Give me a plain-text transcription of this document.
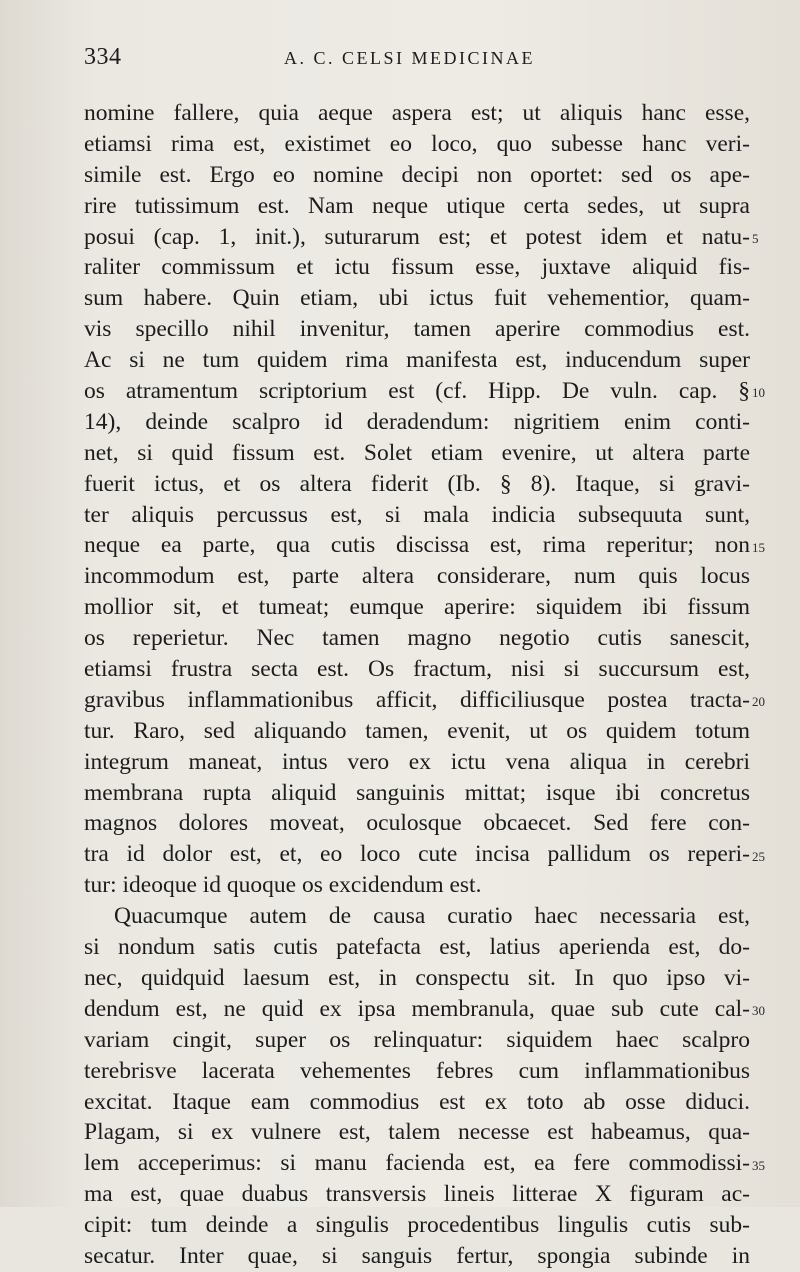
334	A. C. CELSI MEDICINAE
nomine fallere, quia aeque aspera est; ut aliquis hanc esse,
etiamsi rima est, existimet eo loco, quo subesse hanc veri-
simile est. Ergo eo nomine decipi non oportet: sed os ape-
rire tutissimum est. Nam neque utique certa sedes, ut supra
posui (cap. 1, init.), suturarum est; et potest idem et natu-
raliter commissum et ictu fissum esse, juxtave aliquid fis-
sum habere. Quin etiam, ubi ictus fuit vehementior, quam-
vis specillo nihil invenitur, tamen aperire commodius est.
Ac si ne tum quidem rima manifesta est, inducendum super
os atramentum scriptorium est (cf. Hipp. De vuln. cap. §
14), deinde scalpro id deradendum: nigritiem enim conti-
net, si quid fissum est. Solet etiam evenire, ut altera parte
fuerit ictus, et os altera fiderit (Ib. § 8). Itaque, si gravi-
ter aliquis percussus est, si mala indicia subsequuta sunt,
neque ea parte, qua cutis discissa est, rima reperitur; non
incommodum est, parte altera considerare, num quis locus
mollior sit, et tumeat; eumque aperire: siquidem ibi fissum
os reperietur. Nec tamen magno negotio cutis sanescit,
etiamsi frustra secta est. Os fractum, nisi si succursum est,
gravibus inflammationibus afficit, difficiliusque postea tracta-
tur. Raro, sed aliquando tamen, evenit, ut os quidem totum
integrum maneat, intus vero ex ictu vena aliqua in cerebri
membrana rupta aliquid sanguinis mittat; isque ibi concretus
magnos dolores moveat, oculosque obcaecet. Sed fere con-
tra id dolor est, et, eo loco cute incisa pallidum os reperi-
tur: ideoque id quoque os excidendum est.
Quacumque autem de causa curatio haec necessaria est,
si nondum satis cutis patefacta est, latius aperienda est, do-
nec, quidquid laesum est, in conspectu sit. In quo ipso vi-
dendum est, ne quid ex ipsa membranula, quae sub cute cal-
variam cingit, super os relinquatur: siquidem haec scalpro
terebrisve lacerata vehementes febres cum inflammationibus
excitat. Itaque eam commodius est ex toto ab osse diduci.
Plagam, si ex vulnere est, talem necesse est habeamus, qua-
lem acceperimus: si manu facienda est, ea fere commodissi-
ma est, quae duabus transversis lineis litterae X figuram ac-
cipit: tum deinde a singulis procedentibus lingulis cutis sub-
secatur. Inter quae, si sanguis fertur, spongia subinde in
5
10
15
20
25
30
35
